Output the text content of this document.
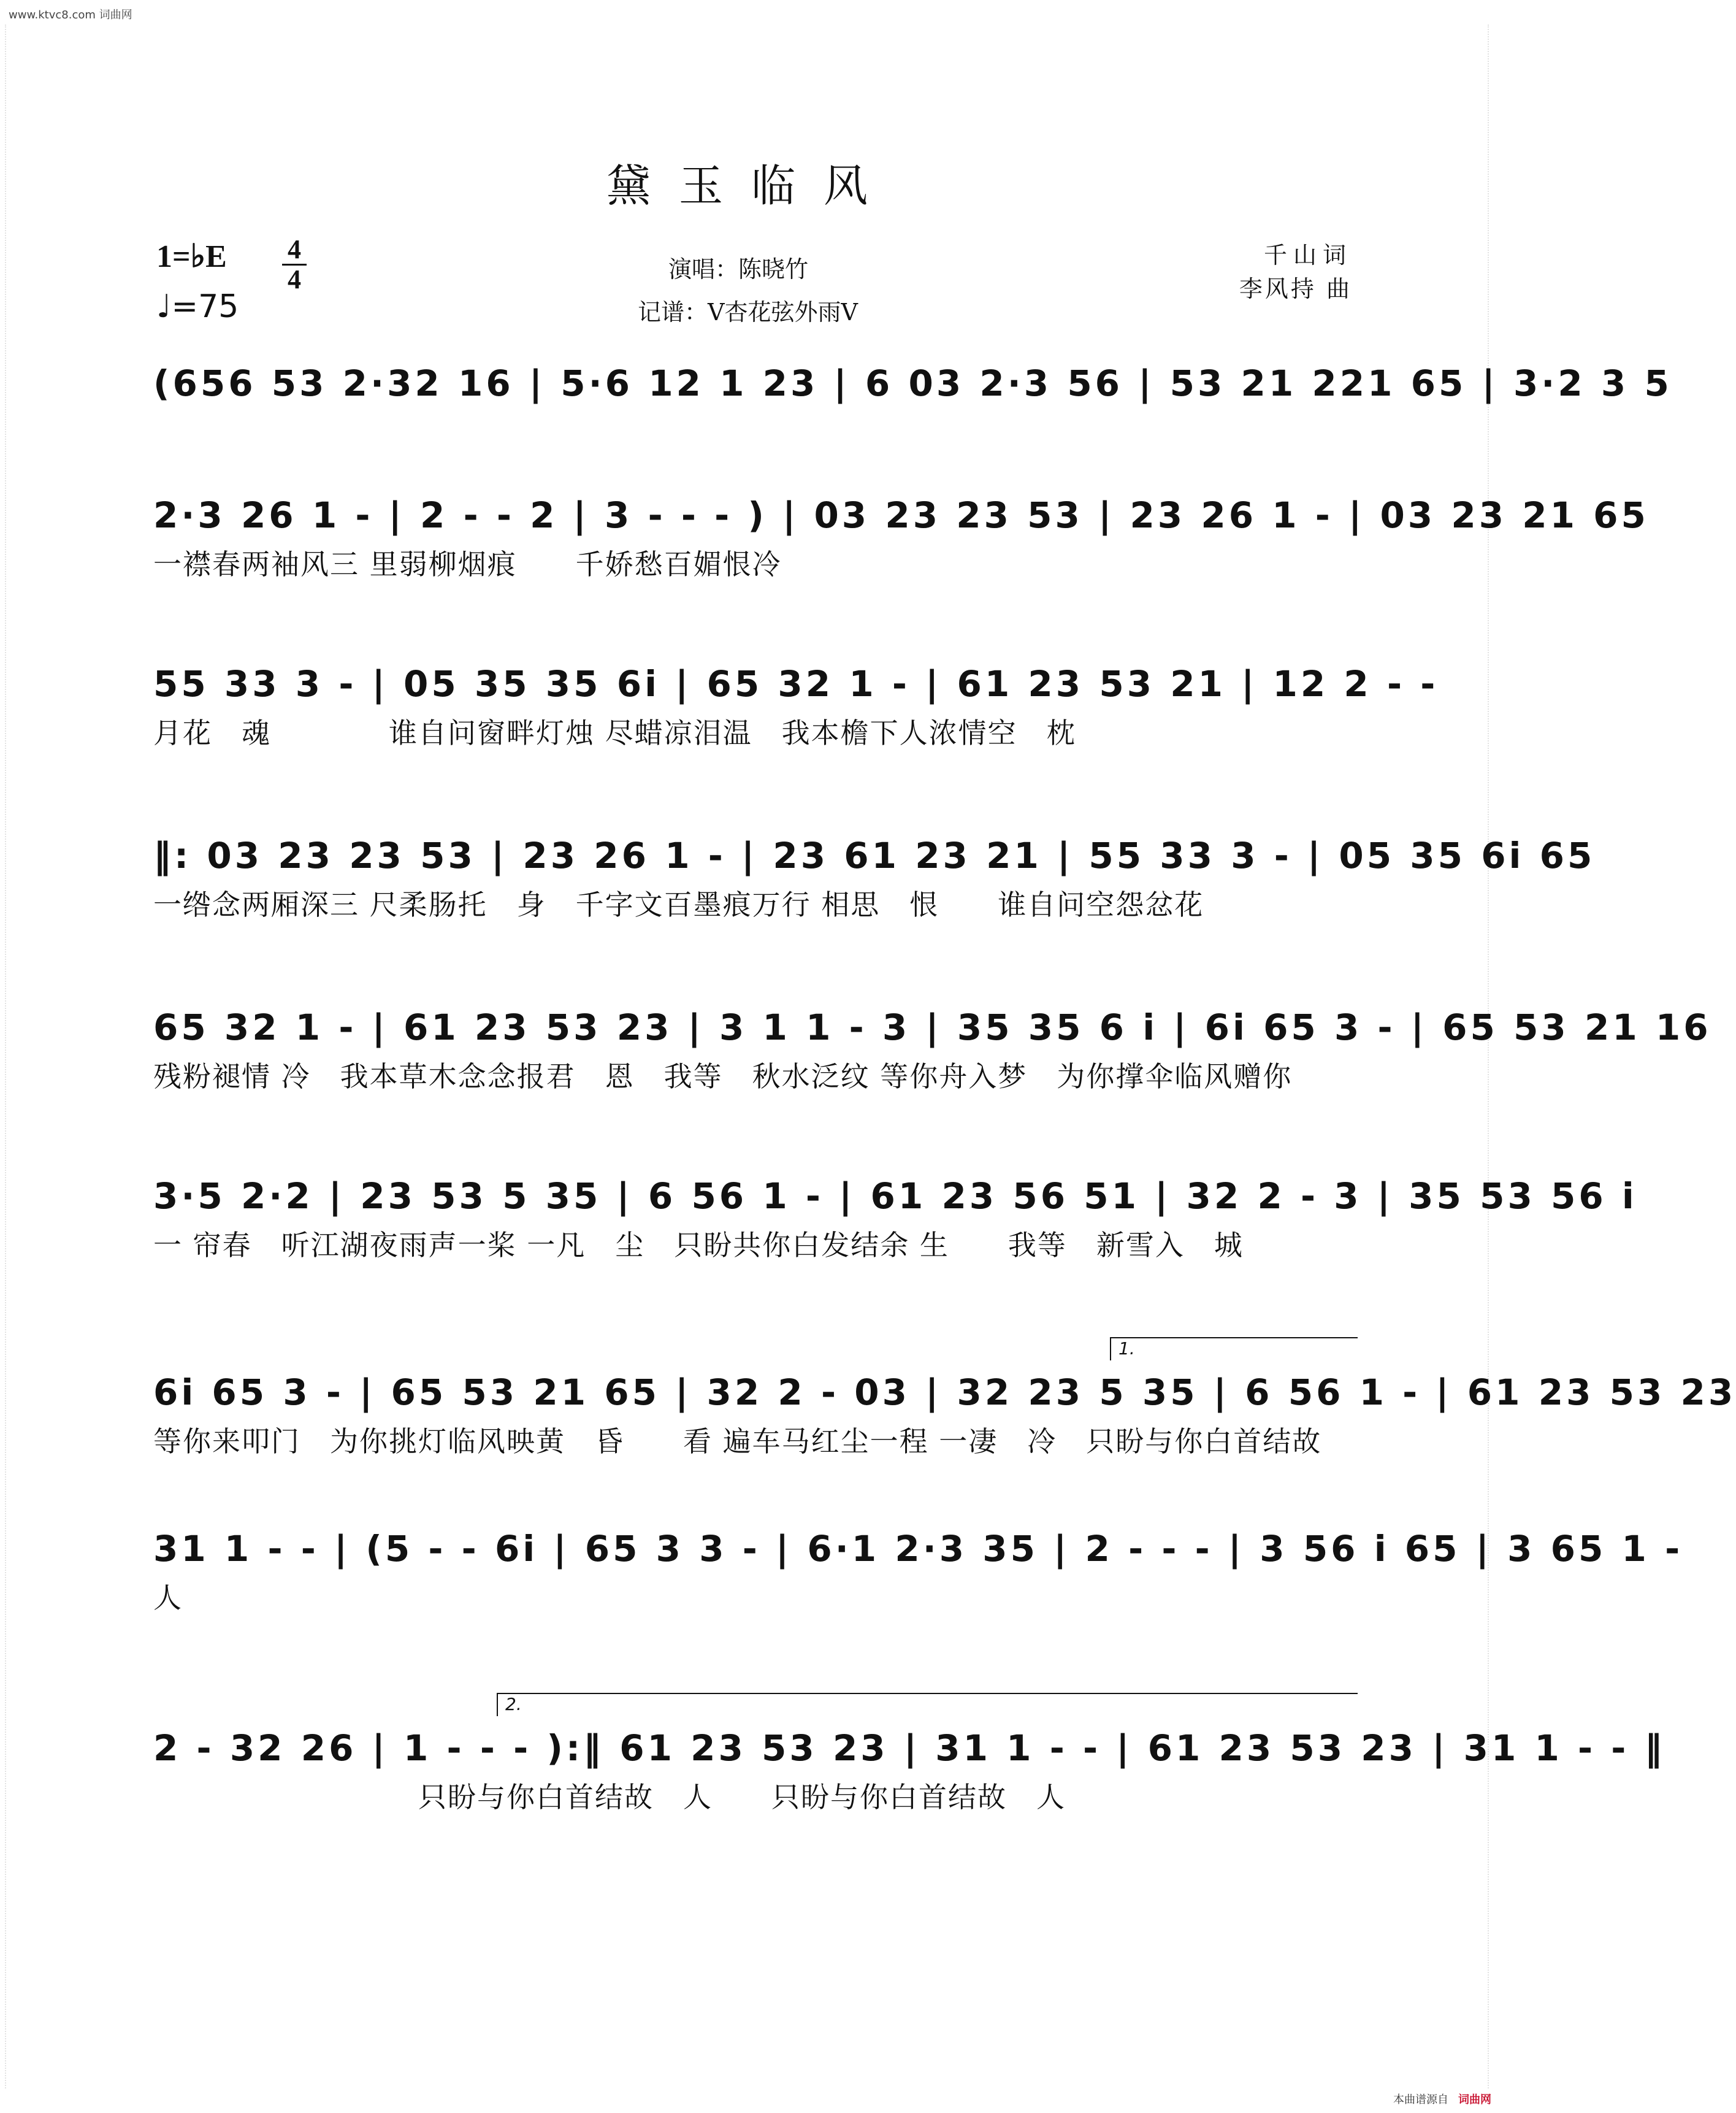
www.ktvc8.com 词曲网
黛玉临风
1=♭E 4
4
♩=75
演唱：陈晓竹
记谱：V杏花弦外雨V
千山词
李风持 曲
(656 53 2·32 16 | 5·6 12 1 23 | 6 03 2·3 56 | 53 21 221 65 | 3·2 3 5
2·3 26 1 - | 2 - - 2 | 3 - - - ) | 03 23 23 53 | 23 26 1 - | 03 23 21 65
一襟春两袖风三 里弱柳烟痕　　千娇愁百媚恨冷
55 33 3 - | 05 35 35 6i | 65 32 1 - | 61 23 53 21 | 12 2 - -
月花　魂　　　　谁自问窗畔灯烛 尽蜡凉泪温　我本檐下人浓情空　枕
‖: 03 23 23 53 | 23 26 1 - | 23 61 23 21 | 55 33 3 - | 05 35 6i 65
一绺念两厢深三 尺柔肠托　身　千字文百墨痕万行 相思　恨　　谁自问空怨忿花
65 32 1 - | 61 23 53 23 | 3 1 1 - 3 | 35 35 6 i | 6i 65 3 - | 65 53 21 16
残粉褪情 冷　我本草木念念报君　恩　我等　秋水泛纹 等你舟入梦　为你撑伞临风赠你
3·5 2·2 | 23 53 5 35 | 6 56 1 - | 61 23 56 51 | 32 2 - 3 | 35 53 56 i
一 帘春　听江湖夜雨声一桨 一凡　尘　只盼共你白发结余 生　　我等　新雪入　城
1.
6i 65 3 - | 65 53 21 65 | 32 2 - 03 | 32 23 5 35 | 6 56 1 - | 61 23 53 23
等你来叩门　为你挑灯临风映黄　昏　　看 遍车马红尘一程 一凄　冷　只盼与你白首结故
31 1 - - | (5 - - 6i | 65 3 3 - | 6·1 2·3 35 | 2 - - - | 3 56 i 65 | 3 65 1 -
人
2.
2 - 32 26 | 1 - - - ):‖ 61 23 53 23 | 31 1 - - | 61 23 53 23 | 31 1 - - ‖
　　　　　　　　　只盼与你白首结故　人　　只盼与你白首结故　人
本曲谱源自 词曲网
